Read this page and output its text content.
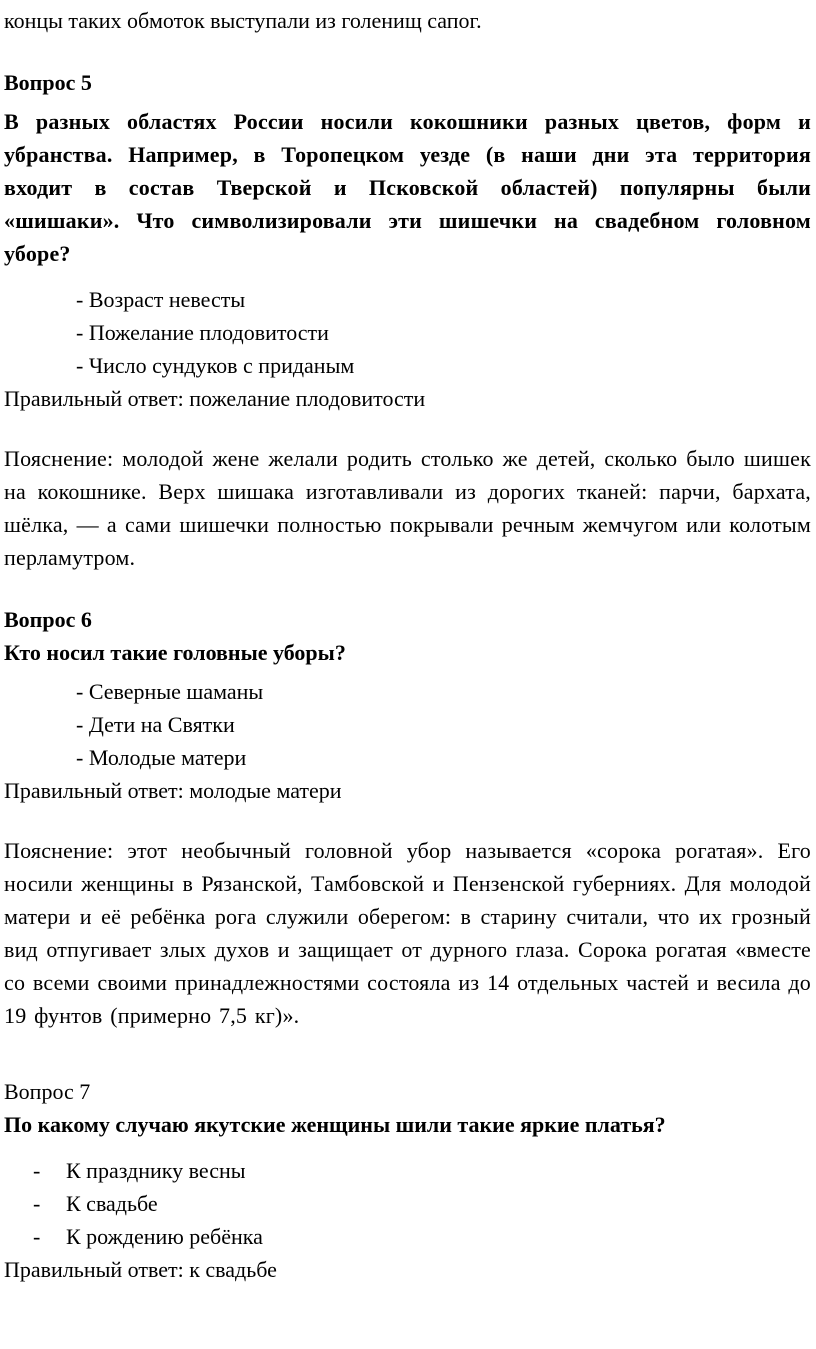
концы таких обмоток выступали из голенищ сапог.

Вопрос 5

В разных областях России носили кокошники разных цветов, форм и убранства. Например, в Торопецком уезде (в наши дни эта территория входит в состав Тверской и Псковской областей) популярны были «шишаки». Что символизировали эти шишечки на свадебном головном уборе?

- Возраст невесты

- Пожелание плодовитости

- Число сундуков с приданым

Правильный ответ: пожелание плодовитости

Пояснение: молодой жене желали родить столько же детей, сколько было шишек на кокошнике. Верх шишака изготавливали из дорогих тканей: парчи, бархата, шёлка, — а сами шишечки полностью покрывали речным жемчугом или колотым перламутром.

Вопрос 6

Кто носил такие головные уборы?

- Северные шаманы

- Дети на Святки

- Молодые матери

Правильный ответ: молодые матери

Пояснение: этот необычный головной убор называется «сорока рогатая». Его носили женщины в Рязанской, Тамбовской и Пензенской губерниях. Для молодой матери и её ребёнка рога служили оберегом: в старину считали, что их грозный вид отпугивает злых духов и защищает от дурного глаза. Сорока рогатая «вместе со всеми своими принадлежностями состояла из 14 отдельных частей и весила до 19 фунтов (примерно 7,5 кг)».

Вопрос 7

По какому случаю якутские женщины шили такие яркие платья?

-	К празднику весны
-	К свадьбе
-	К рождению ребёнка

Правильный ответ: к свадьбе
